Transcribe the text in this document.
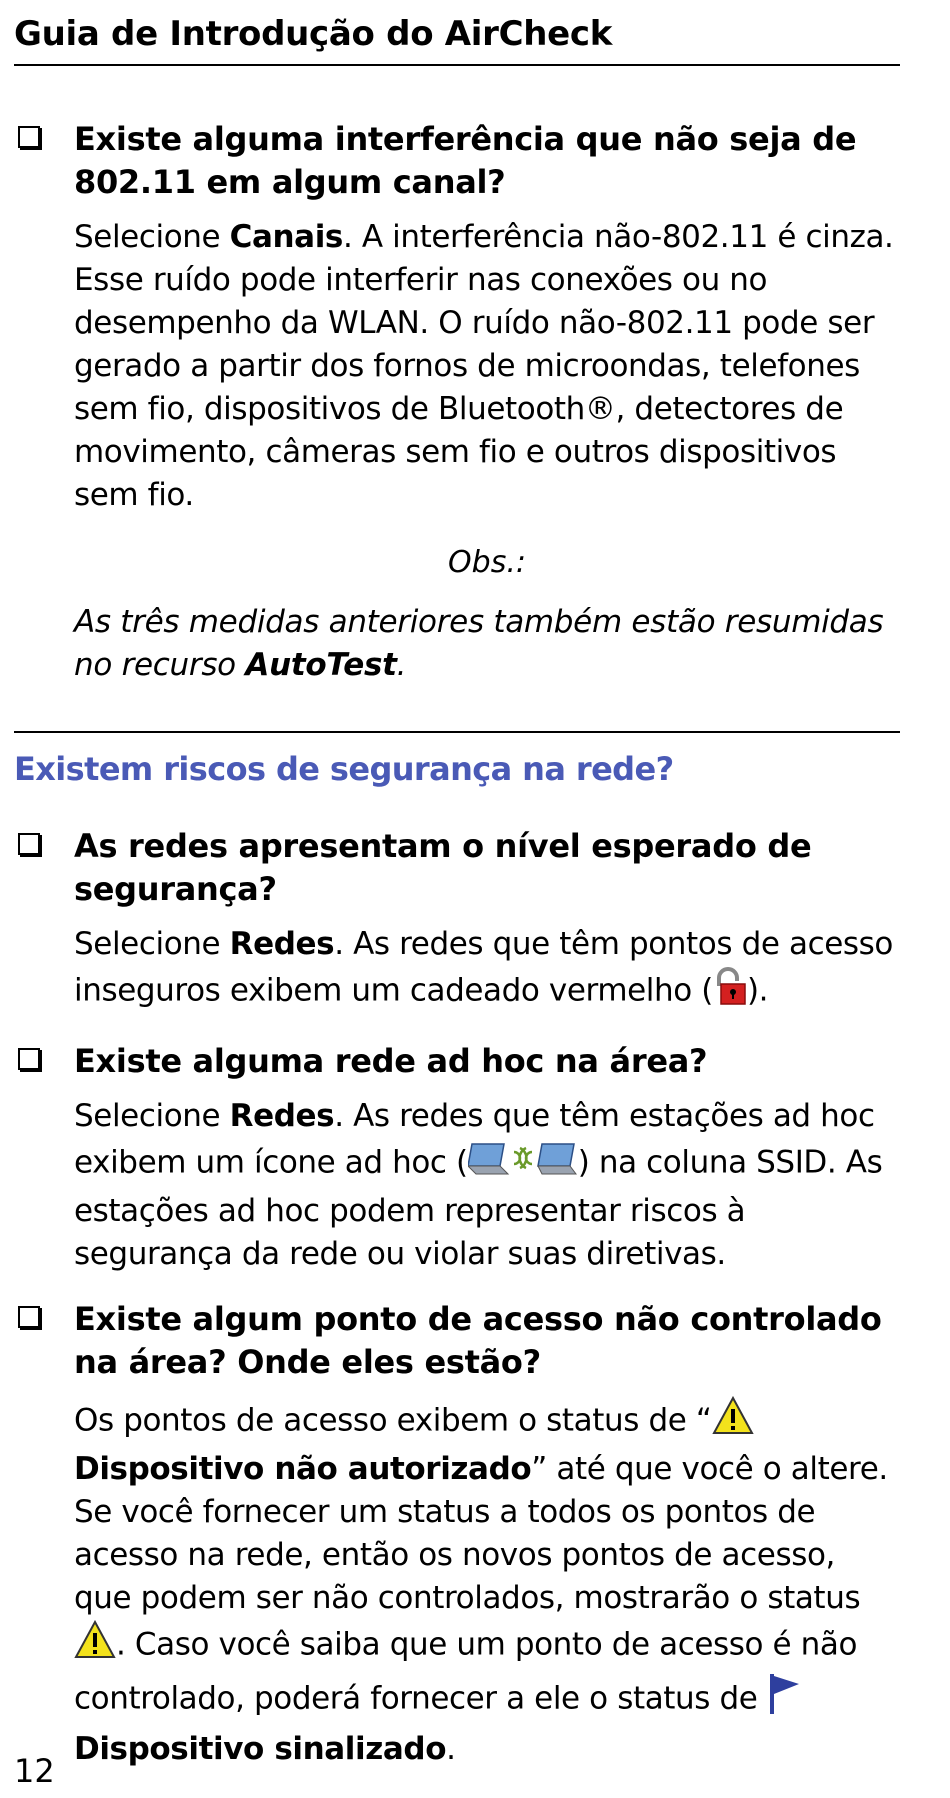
Guia de Introdução do AirCheck
Existe alguma interferência que não seja de 802.11 em algum canal?
Selecione Canais. A interferência não-802.11 é cinza. Esse ruído pode interferir nas conexões ou no desempenho da WLAN. O ruído não-802.11 pode ser gerado a partir dos fornos de microondas, telefones sem fio, dispositivos de Bluetooth®, detectores de movimento, câmeras sem fio e outros dispositivos sem fio.
Obs.:
As três medidas anteriores também estão resumidas no recurso AutoTest.
Existem riscos de segurança na rede?
As redes apresentam o nível esperado de segurança?
Selecione Redes. As redes que têm pontos de acesso inseguros exibem um cadeado vermelho ( ).
Existe alguma rede ad hoc na área?
Selecione Redes. As redes que têm estações ad hoc exibem um ícone ad hoc (	) na coluna SSID. As estações ad hoc podem representar riscos à segurança da rede ou violar suas diretivas.
Existe algum ponto de acesso não controlado na área? Onde eles estão?
Os pontos de acesso exibem o status de “
Dispositivo não autorizado” até que você o altere. Se você fornecer um status a todos os pontos de acesso na rede, então os novos pontos de acesso, que podem ser não controlados, mostrarão o status . Caso você saiba que um ponto de acesso é não controlado, poderá fornecer a ele o status de
Dispositivo sinalizado.
12
